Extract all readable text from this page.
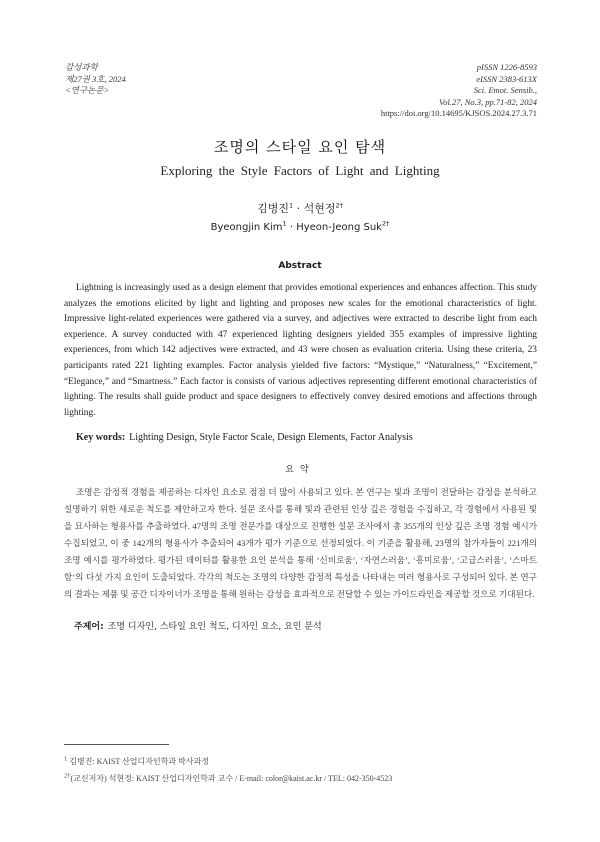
감성과학
제27권 3호, 2024
<연구논문>
pISSN 1226-8593
eISSN 2383-613X
Sci. Emot. Sensib.,
Vol.27, No.3, pp.71-82, 2024
https://doi.org/10.14695/KJSOS.2024.27.3.71
조명의 스타일 요인 탐색
Exploring the Style Factors of Light and Lighting
김병진$^1$ · 석현정$^{2\dagger}$
Byeongjin Kim$^1$ · Hyeon-Jeong Suk$^{2\dagger}$
Abstract

Lightning is increasingly used as a design element that provides emotional experiences and enhances affection. This study analyzes the emotions elicited by light and lighting and proposes new scales for the emotional characteristics of light. Impressive light-related experiences were gathered via a survey, and adjectives were extracted to describe light from each experience. A survey conducted with 47 experienced lighting designers yielded 355 examples of impressive lighting experiences, from which 142 adjectives were extracted, and 43 were chosen as evaluation criteria. Using these criteria, 23 participants rated 221 lighting examples. Factor analysis yielded five factors: “Mystique,” “Naturalness,” “Excitement,” “Elegance,” and “Smartness.” Each factor is consists of various adjectives representing different emotional characteristics of lighting. The results shall guide product and space designers to effectively convey desired emotions and affections through lighting.

Key words: Lighting Design, Style Factor Scale, Design Elements, Factor Analysis
요약

조명은 감정적 경험을 제공하는 디자인 요소로 점점 더 많이 사용되고 있다. 본 연구는 빛과 조명이 전달하는 감정을 분석하고 설명하기 위한 새로운 척도를 제안하고자 한다. 설문 조사를 통해 빛과 관련된 인상 깊은 경험을 수집하고, 각 경험에서 사용된 빛을 묘사하는 형용사를 추출하였다. 47명의 조명 전문가를 대상으로 진행한 설문 조사에서 총 355개의 인상 깊은 조명 경험 예시가 수집되었고, 이 중 142개의 형용사가 추출되어 43개가 평가 기준으로 선정되었다. 이 기준을 활용해, 23명의 참가자들이 221개의 조명 예시를 평가하였다. 평가된 데이터를 활용한 요인 분석을 통해 ‘신비로움’, ‘자연스러움’, ‘흥미로움’, ‘고급스러움’, ‘스마트함’의 다섯 가지 요인이 도출되었다. 각각의 척도는 조명의 다양한 감정적 특성을 나타내는 여러 형용사로 구성되어 있다. 본 연구의 결과는 제품 및 공간 디자이너가 조명을 통해 원하는 감성을 효과적으로 전달할 수 있는 가이드라인을 제공할 것으로 기대된다.

주제어: 조명 디자인, 스타일 요인 척도, 디자인 요소, 요인 분석
$^1$ 김병진: KAIST 산업디자인학과 박사과정
$^{2\dagger}$(교신저자) 석현정: KAIST 산업디자인학과 교수 / E-mail: color@kaist.ac.kr / TEL: 042-350-4523
